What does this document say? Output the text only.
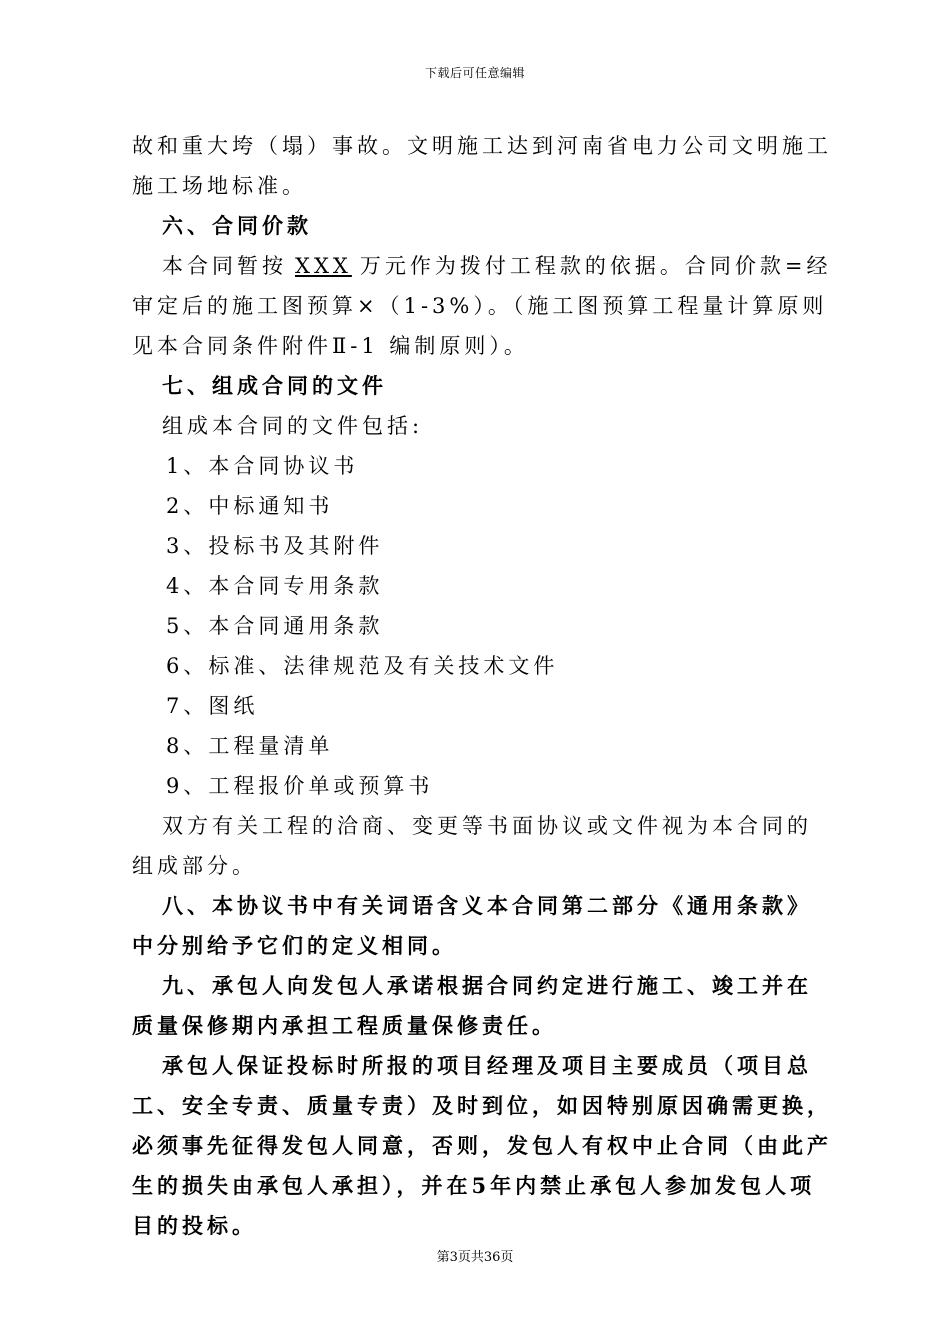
下载后可任意编辑

故和重大垮（塌）事故。文明施工达到河南省电力公司文明施工施工场地标准。

六、合同价款

本合同暂按 XXX 万元作为拨付工程款的依据。合同价款=经审定后的施工图预算×（1-3%）。（施工图预算工程量计算原则见本合同条件附件Ⅱ-1 编制原则）。

七、组成合同的文件

组成本合同的文件包括:

1、本合同协议书

2、中标通知书

3、投标书及其附件

4、本合同专用条款

5、本合同通用条款

6、标准、法律规范及有关技术文件

7、图纸

8、工程量清单

9、工程报价单或预算书

双方有关工程的洽商、变更等书面协议或文件视为本合同的组成部分。

八、本协议书中有关词语含义本合同第二部分《通用条款》中分别给予它们的定义相同。

九、承包人向发包人承诺根据合同约定进行施工、竣工并在质量保修期内承担工程质量保修责任。

承包人保证投标时所报的项目经理及项目主要成员（项目总工、安全专责、质量专责）及时到位，如因特别原因确需更换，必须事先征得发包人同意，否则，发包人有权中止合同（由此产生的损失由承包人承担），并在5年内禁止承包人参加发包人项目的投标。

第3页共36页
